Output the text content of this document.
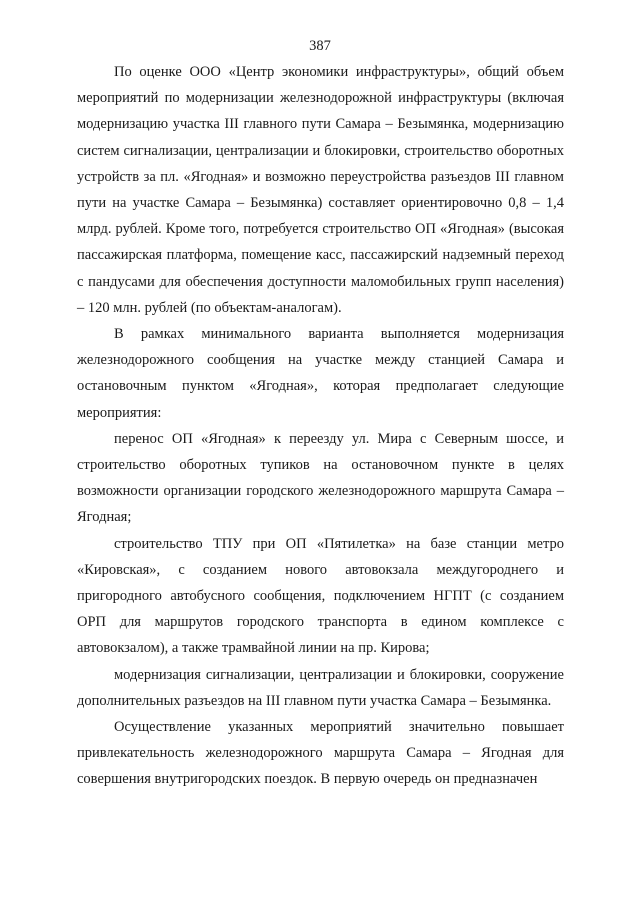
387

По оценке ООО «Центр экономики инфраструктуры», общий объем мероприятий по модернизации железнодорожной инфраструктуры (включая модернизацию участка III главного пути Самара – Безымянка, модернизацию систем сигнализации, централизации и блокировки, строительство оборотных устройств за пл. «Ягодная» и возможно переустройства разъездов III главном пути на участке Самара – Безымянка) составляет ориентировочно 0,8 – 1,4 млрд. рублей. Кроме того, потребуется строительство ОП «Ягодная» (высокая пассажирская платформа, помещение касс, пассажирский надземный переход с пандусами для обеспечения доступности маломобильных групп населения) – 120 млн. рублей (по объектам-аналогам).

В рамках минимального варианта выполняется модернизация железнодорожного сообщения на участке между станцией Самара и остановочным пунктом «Ягодная», которая предполагает следующие мероприятия:

перенос ОП «Ягодная» к переезду ул. Мира с Северным шоссе, и строительство оборотных тупиков на остановочном пункте в целях возможности организации городского железнодорожного маршрута Самара – Ягодная;

строительство ТПУ при ОП «Пятилетка» на базе станции метро «Кировская», с созданием нового автовокзала междугороднего и пригородного автобусного сообщения, подключением НГПТ (с созданием ОРП для маршрутов городского транспорта в едином комплексе с автовокзалом), а также трамвайной линии на пр. Кирова;

модернизация сигнализации, централизации и блокировки, сооружение дополнительных разъездов на III главном пути участка Самара – Безымянка.

Осуществление указанных мероприятий значительно повышает привлекательность железнодорожного маршрута Самара – Ягодная для совершения внутригородских поездок. В первую очередь он предназначен
